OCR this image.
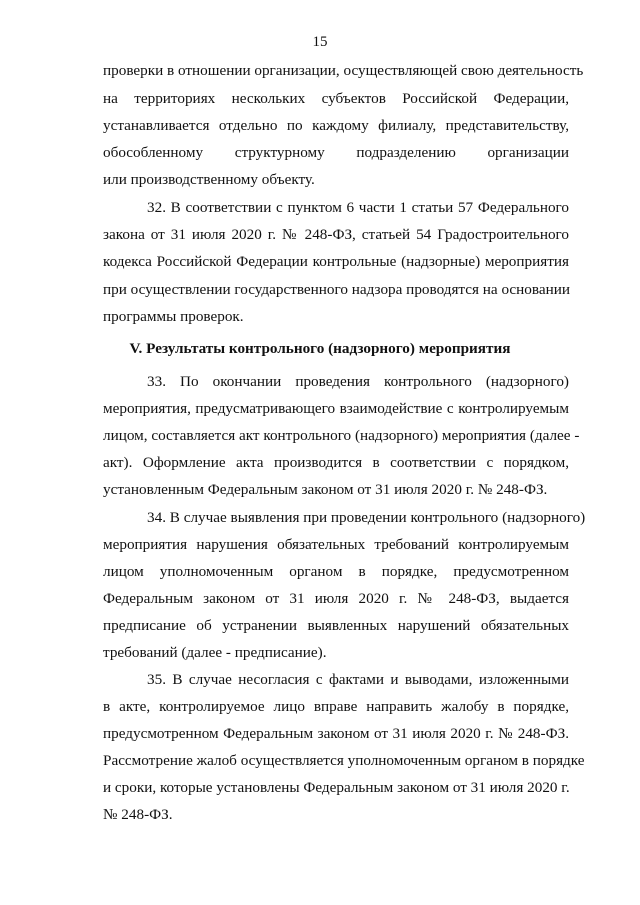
15
проверки в отношении организации, осуществляющей свою деятельность
на территориях нескольких субъектов Российской Федерации,
устанавливается отдельно по каждому филиалу, представительству,
обособленному структурному подразделению организации
или производственному объекту.
32. В соответствии с пунктом 6 части 1 статьи 57 Федерального
закона от 31 июля 2020 г. № 248-ФЗ, статьей 54 Градостроительного
кодекса Российской Федерации контрольные (надзорные) мероприятия
при осуществлении государственного надзора проводятся на основании
программы проверок.
V. Результаты контрольного (надзорного) мероприятия
33. По окончании проведения контрольного (надзорного)
мероприятия, предусматривающего взаимодействие с контролируемым
лицом, составляется акт контрольного (надзорного) мероприятия (далее -
акт). Оформление акта производится в соответствии с порядком,
установленным Федеральным законом от 31 июля 2020 г. № 248-ФЗ.
34. В случае выявления при проведении контрольного (надзорного)
мероприятия нарушения обязательных требований контролируемым
лицом уполномоченным органом в порядке, предусмотренном
Федеральным законом от 31 июля 2020 г. № 248-ФЗ, выдается
предписание об устранении выявленных нарушений обязательных
требований (далее - предписание).
35. В случае несогласия с фактами и выводами, изложенными
в акте, контролируемое лицо вправе направить жалобу в порядке,
предусмотренном Федеральным законом от 31 июля 2020 г. № 248-ФЗ.
Рассмотрение жалоб осуществляется уполномоченным органом в порядке
и сроки, которые установлены Федеральным законом от 31 июля 2020 г.
№ 248-ФЗ.
